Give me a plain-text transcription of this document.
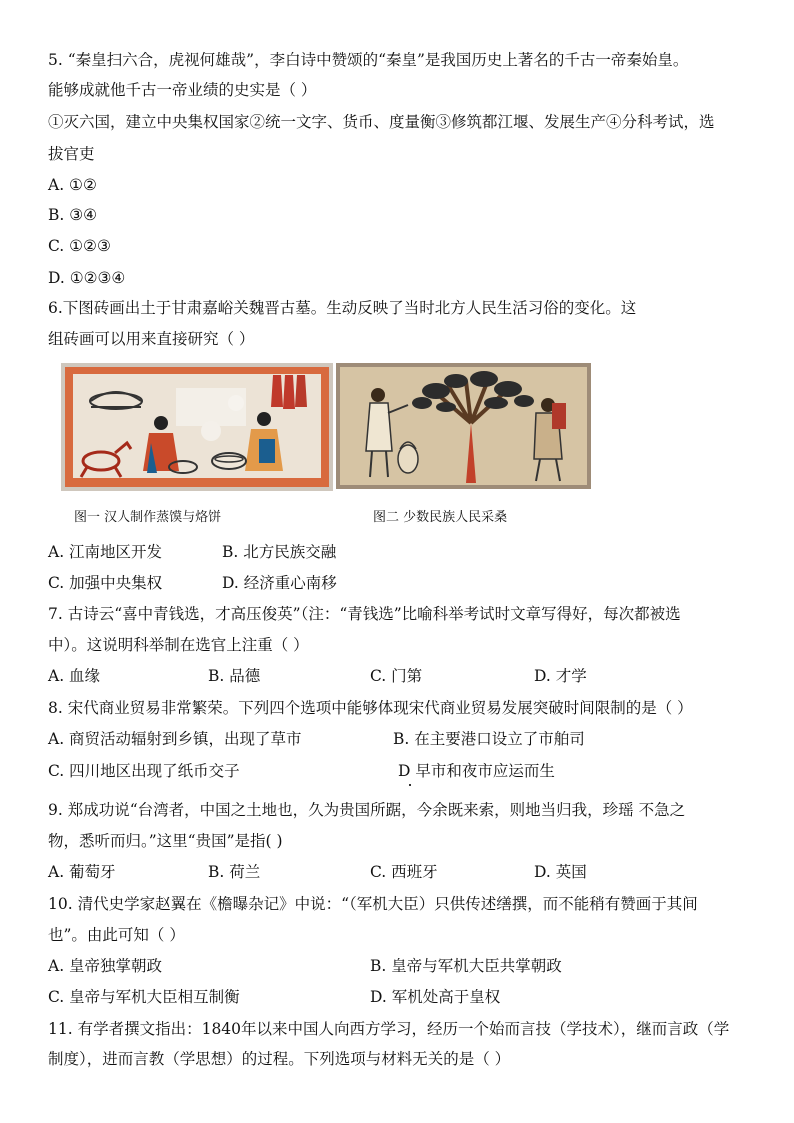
5. “秦皇扫六合，虎视何雄哉”，李白诗中赞颂的“秦皇”是我国历史上著名的千古一帝秦始皇。
能够成就他千古一帝业绩的史实是（ ）
①灭六国，建立中央集权国家②统一文字、货币、度量衡③修筑都江堰、发展生产④分科考试，选
拔官吏
A. ①②
B. ③④
C. ①②③
D. ①②③④
6.下图砖画出土于甘肃嘉峪关魏晋古墓。生动反映了当时北方人民生活习俗的变化。这
组砖画可以用来直接研究（ ）
图一 汉人制作蒸馍与烙饼	图二 少数民族人民采桑
A. 江南地区开发	B. 北方民族交融
C. 加强中央集权	D. 经济重心南移
7. 古诗云“喜中青钱选，才高压俊英”（注：“青钱选”比喻科举考试时文章写得好，每次都被选
中）。这说明科举制在选官上注重（ ）
A. 血缘	B. 品德	C. 门第	D. 才学
8. 宋代商业贸易非常繁荣。下列四个选项中能够体现宋代商业贸易发展突破时间限制的是（ ）
A. 商贸活动辐射到乡镇，出现了草市	B. 在主要港口设立了市舶司
C. 四川地区出现了纸币交子	D 早市和夜市应运而生
9. 郑成功说“台湾者，中国之土地也，久为贵国所踞，今余既来索，则地当归我，珍瑶 不急之
物，悉听而归。”这里“贵国”是指( )
A. 葡萄牙	B. 荷兰	C. 西班牙	D. 英国
10. 清代史学家赵翼在《檐曝杂记》中说：“（军机大臣）只供传述缮撰，而不能稍有赞画于其间
也”。由此可知（ ）
A. 皇帝独掌朝政	B. 皇帝与军机大臣共掌朝政
C. 皇帝与军机大臣相互制衡	D. 军机处高于皇权
11. 有学者撰文指出：1840年以来中国人向西方学习，经历一个始而言技（学技术），继而言政（学
制度），进而言教（学思想）的过程。下列选项与材料无关的是（ ）
